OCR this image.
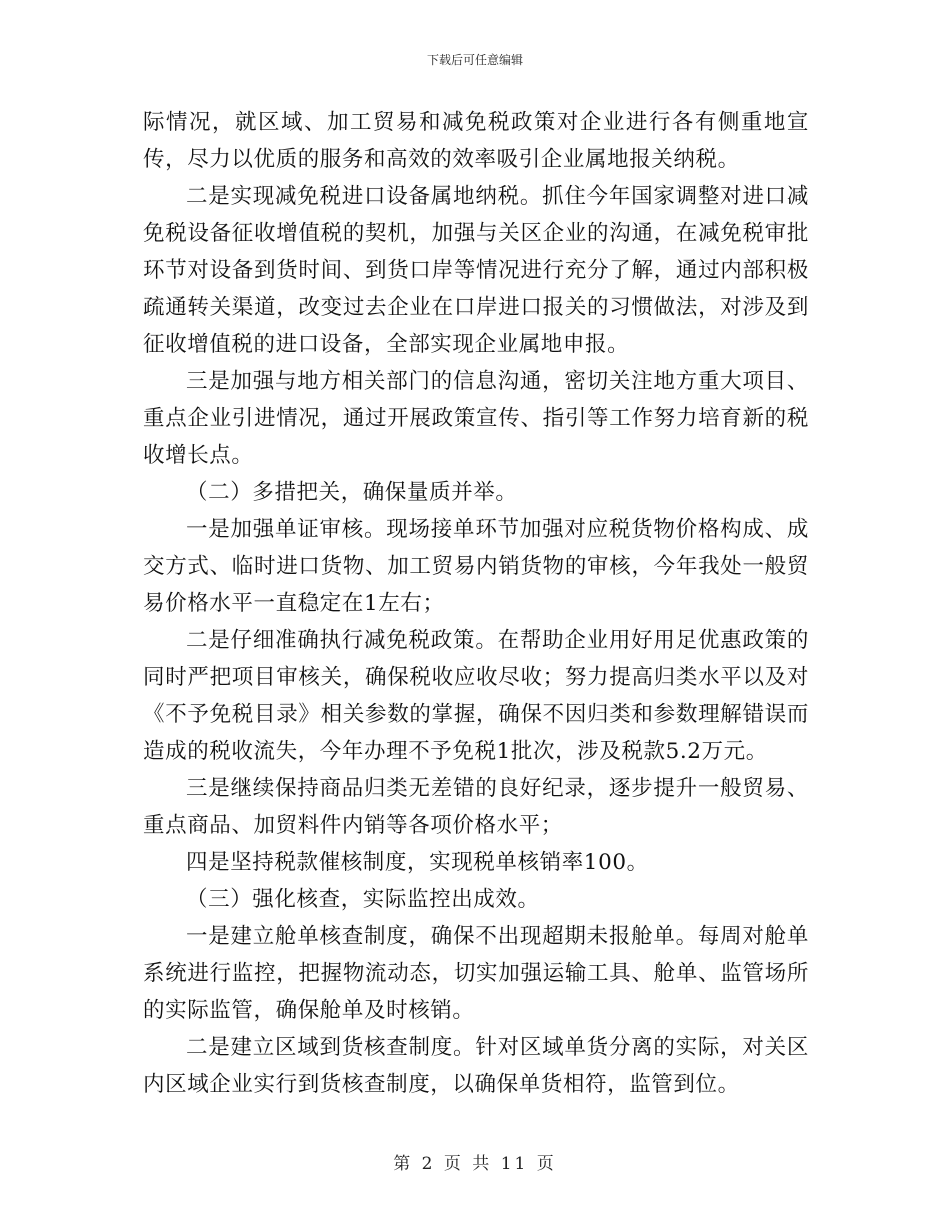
下载后可任意编辑

际情况，就区域、加工贸易和减免税政策对企业进行各有侧重地宣传，尽力以优质的服务和高效的效率吸引企业属地报关纳税。

二是实现减免税进口设备属地纳税。抓住今年国家调整对进口减免税设备征收增值税的契机，加强与关区企业的沟通，在减免税审批环节对设备到货时间、到货口岸等情况进行充分了解，通过内部积极疏通转关渠道，改变过去企业在口岸进口报关的习惯做法，对涉及到征收增值税的进口设备，全部实现企业属地申报。

三是加强与地方相关部门的信息沟通，密切关注地方重大项目、重点企业引进情况，通过开展政策宣传、指引等工作努力培育新的税收增长点。

（二）多措把关，确保量质并举。

一是加强单证审核。现场接单环节加强对应税货物价格构成、成交方式、临时进口货物、加工贸易内销货物的审核，今年我处一般贸易价格水平一直稳定在1左右；

二是仔细准确执行减免税政策。在帮助企业用好用足优惠政策的同时严把项目审核关，确保税收应收尽收；努力提高归类水平以及对《不予免税目录》相关参数的掌握，确保不因归类和参数理解错误而造成的税收流失，今年办理不予免税1批次，涉及税款5.2万元。

三是继续保持商品归类无差错的良好纪录，逐步提升一般贸易、重点商品、加贸料件内销等各项价格水平；

四是坚持税款催核制度，实现税单核销率100。

（三）强化核查，实际监控出成效。

一是建立舱单核查制度，确保不出现超期未报舱单。每周对舱单系统进行监控，把握物流动态，切实加强运输工具、舱单、监管场所的实际监管，确保舱单及时核销。

二是建立区域到货核查制度。针对区域单货分离的实际，对关区内区域企业实行到货核查制度，以确保单货相符，监管到位。

第 2 页 共 11 页
